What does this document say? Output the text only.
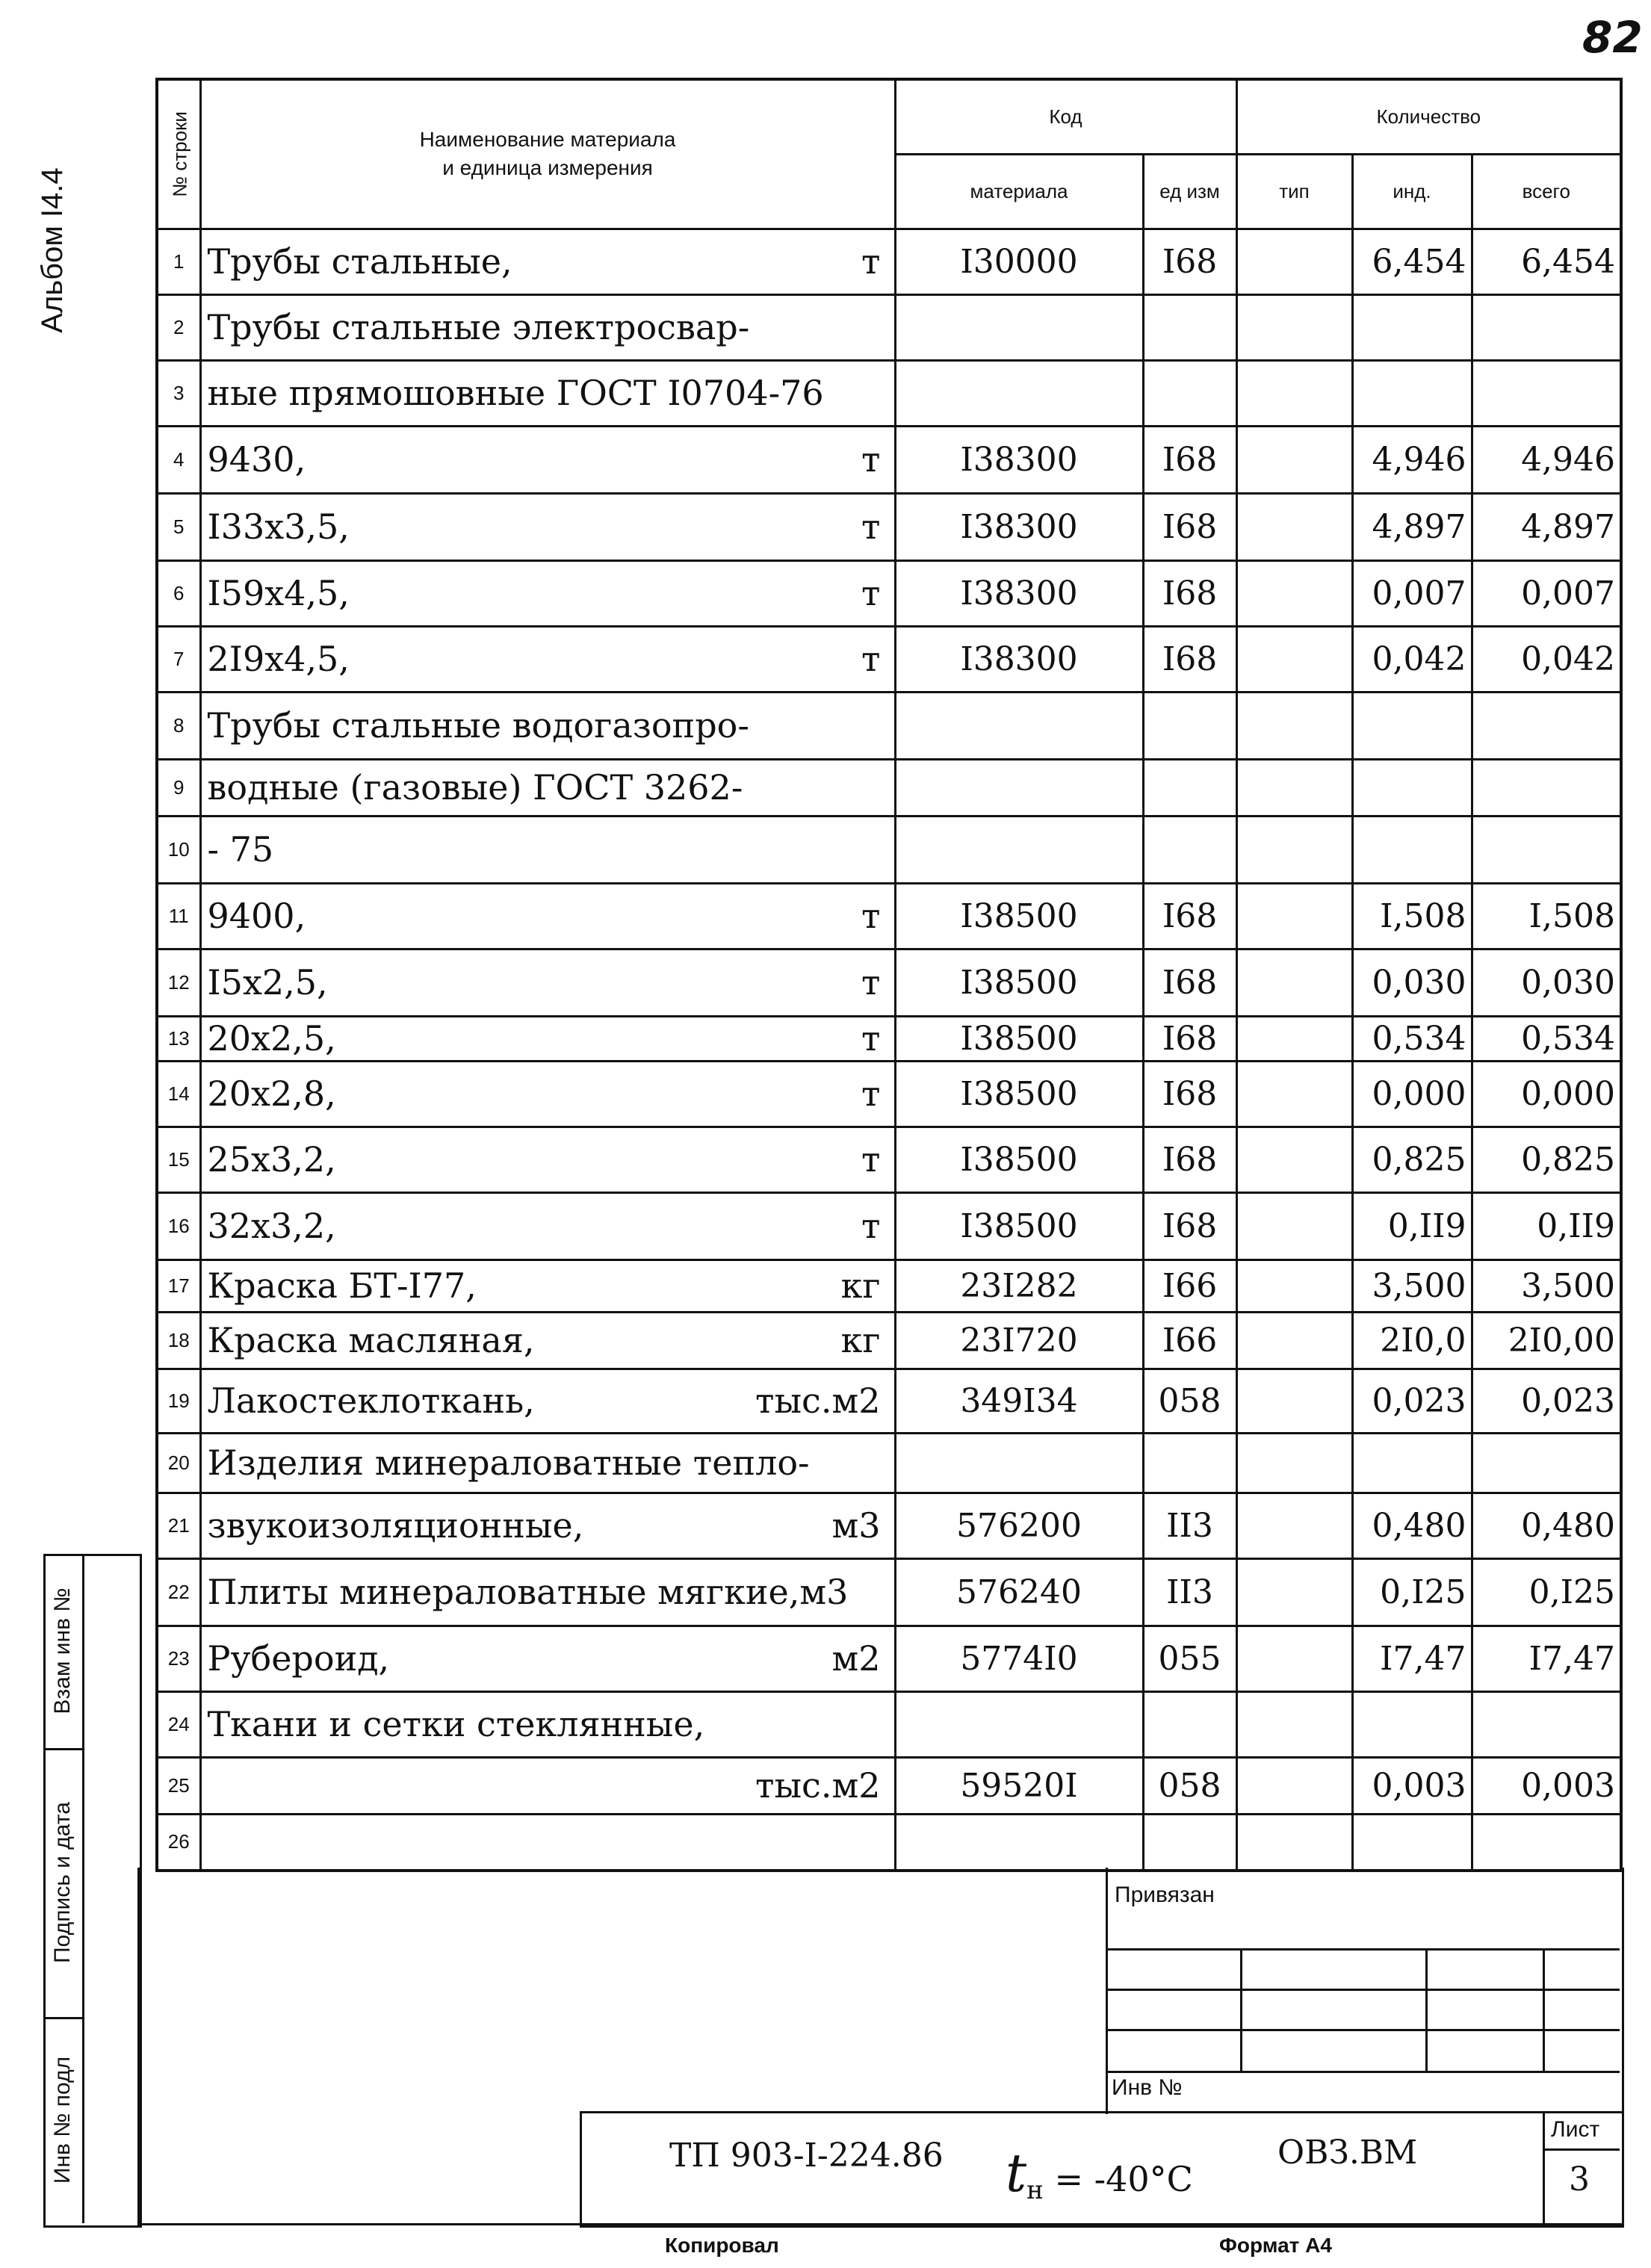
82
Альбом I4.4
№ строки	Наименование материала
и единица измерения	Код		Количество		
		материала	ед изм	тип	инд.	всего
1	Трубы стальные, т	I30000	I68		6,454	6,454
2	Трубы стальные электросвар-

3	ные прямошовные ГОСТ I0704-76

4	9430, т	I38300	I68		4,946	4,946
5	I33x3,5, т	I38300	I68		4,897	4,897
6	I59x4,5, т	I38300	I68		0,007	0,007
7	2I9x4,5, т	I38300	I68		0,042	0,042
8	Трубы стальные водогазопро-

9	водные (газовые) ГОСТ 3262-

10	- 75

11	9400, т	I38500	I68		I,508	I,508
12	I5x2,5, т	I38500	I68		0,030	0,030
13	20x2,5, т	I38500	I68		0,534	0,534
14	20x2,8, т	I38500	I68		0,000	0,000
15	25x3,2, т	I38500	I68		0,825	0,825
16	32x3,2, т	I38500	I68		0,II9	0,II9
17	Краска БТ-I77, кг	23I282	I66		3,500	3,500
18	Краска масляная, кг	23I720	I66		2I0,0	2I0,00
19	Лакостеклоткань, тыс.м2	349I34	058		0,023	0,023
20	Изделия минераловатные тепло-

21	звукоизоляционные, м3	576200	II3		0,480	0,480
22	Плиты минераловатные мягкие,м3	576240	II3		0,I25	0,I25
23	Рубероид, м2	5774I0	055		I7,47	I7,47
24	Ткани и сетки стеклянные,

25	тыс.м2	59520I	058		0,003	0,003
26	

Взам инв №
Подпись и дата
Инв № подл
Привязан
Инв №
Лист
3
ТП 903-I-224.86 $t_н = -40^\circ C$
ОВЗ.ВМ
Копировал	Формат А4
